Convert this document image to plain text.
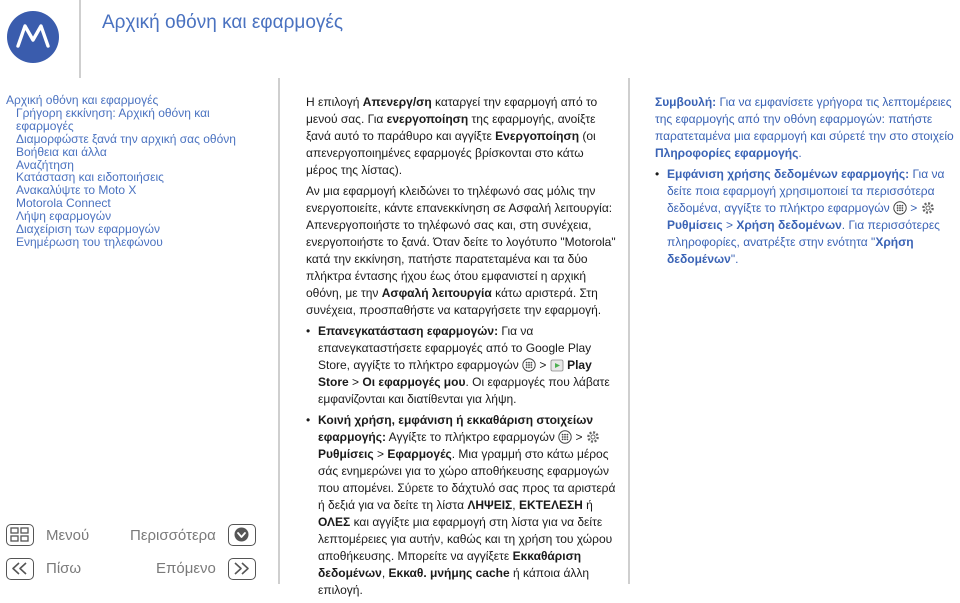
Αρχική οθόνη και εφαρμογές
Αρχική οθόνη και εφαρμογές
Γρήγορη εκκίνηση: Αρχική οθόνη και
εφαρμογές
Διαμορφώστε ξανά την αρχική σας οθόνη
Βοήθεια και άλλα
Αναζήτηση
Κατάσταση και ειδοποιήσεις
Ανακαλύψτε το Moto X
Motorola Connect
Λήψη εφαρμογών
Διαχείριση των εφαρμογών
Ενημέρωση του τηλεφώνου

Η επιλογή Απενεργ/ση καταργεί την εφαρμογή από το μενού σας. Για ενεργοποίηση της εφαρμογής, ανοίξτε ξανά αυτό το παράθυρο και αγγίξτε Ενεργοποίηση (οι απενεργοποιημένες εφαρμογές βρίσκονται στο κάτω μέρος της λίστας).

Αν μια εφαρμογή κλειδώνει το τηλέφωνό σας μόλις την ενεργοποιείτε, κάντε επανεκκίνηση σε Ασφαλή λειτουργία: Απενεργοποιήστε το τηλέφωνό σας και, στη συνέχεια, ενεργοποιήστε το ξανά. Όταν δείτε το λογότυπο "Motorola" κατά την εκκίνηση, πατήστε παρατεταμένα και τα δύο πλήκτρα έντασης ήχου έως ότου εμφανιστεί η αρχική οθόνη, με την Ασφαλή λειτουργία κάτω αριστερά. Στη συνέχεια, προσπαθήστε να καταργήσετε την εφαρμογή.

• Επανεγκατάσταση εφαρμογών: Για να επανεγκαταστήσετε εφαρμογές από το Google Play Store, αγγίξτε το πλήκτρο εφαρμογών  >  Play Store > Οι εφαρμογές μου. Οι εφαρμογές που λάβατε εμφανίζονται και διατίθενται για λήψη.
• Κοινή χρήση, εμφάνιση ή εκκαθάριση στοιχείων εφαρμογής: Αγγίξτε το πλήκτρο εφαρμογών  >  Ρυθμίσεις > Εφαρμογές. Μια γραμμή στο κάτω μέρος σάς ενημερώνει για το χώρο αποθήκευσης εφαρμογών που απομένει. Σύρετε το δάχτυλό σας προς τα αριστερά ή δεξιά για να δείτε τη λίστα ΛΗΨΕΙΣ, ΕΚΤΕΛΕΣΗ ή ΟΛΕΣ και αγγίξτε μια εφαρμογή στη λίστα για να δείτε λεπτομέρειες για αυτήν, καθώς και τη χρήση του χώρου αποθήκευσης. Μπορείτε να αγγίξετε Εκκαθάριση δεδομένων, Εκκαθ. μνήμης cache ή κάποια άλλη επιλογή.

Συμβουλή: Για να εμφανίσετε γρήγορα τις λεπτομέρειες της εφαρμογής από την οθόνη εφαρμογών: πατήστε παρατεταμένα μια εφαρμογή και σύρετέ την στο στοιχείο Πληροφορίες εφαρμογής.

• Εμφάνιση χρήσης δεδομένων εφαρμογής: Για να δείτε ποια εφαρμογή χρησιμοποιεί τα περισσότερα δεδομένα, αγγίξτε το πλήκτρο εφαρμογών  >  Ρυθμίσεις > Χρήση δεδομένων. Για περισσότερες πληροφορίες, ανατρέξτε στην ενότητα "Χρήση δεδομένων".
Μενού	Περισσότερα
Πίσω	Επόμενο
